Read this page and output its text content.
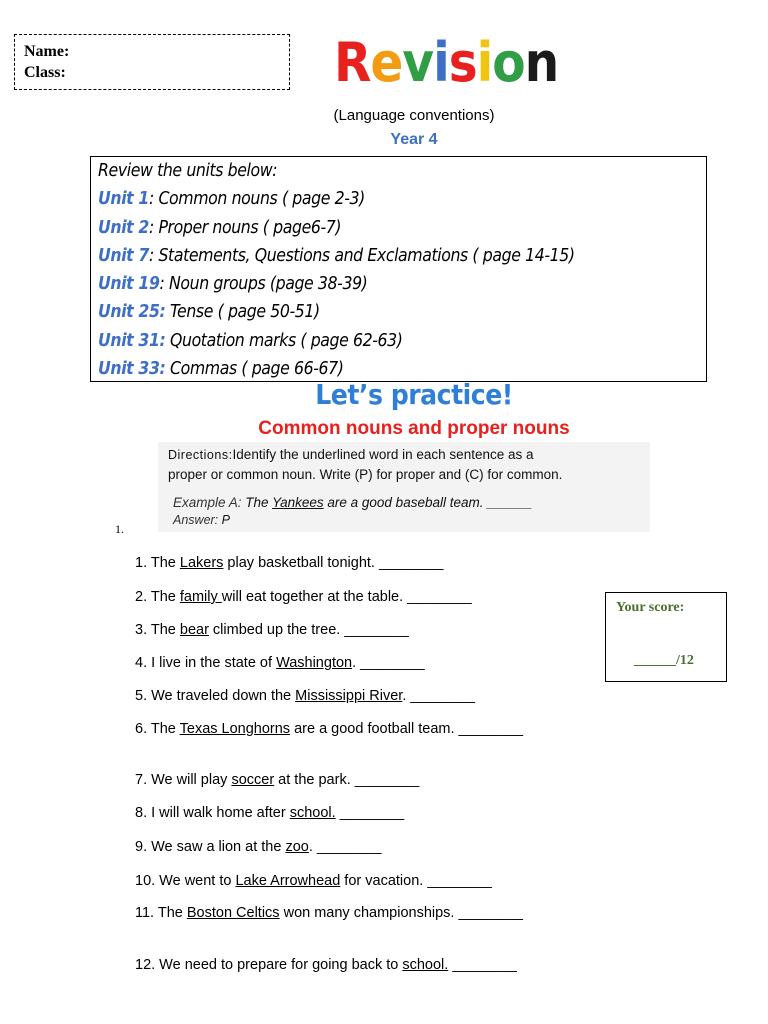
Name:
Class:	Revision
(Language conventions)
Year 4
Review the units below:
Unit 1: Common nouns ( page 2-3)
Unit 2: Proper nouns ( page6-7)
Unit 7: Statements, Questions and Exclamations ( page 14-15)
Unit 19: Noun groups (page 38-39)
Unit 25: Tense ( page 50-51)
Unit 31: Quotation marks ( page 62-63)
Unit 33: Commas ( page 66-67)
Let’s practice!
Common nouns and proper nouns
Directions:Identify the underlined word in each sentence as a
proper or common noun. Write (P) for proper and (C) for common.
Example A: The Yankees are a good baseball team. ______
Answer: P
1.
1. The Lakers play basketball tonight. ________
2. The family will eat together at the table. ________
3. The bear climbed up the tree. ________
4. I live in the state of Washington. ________
5. We traveled down the Mississippi River. ________
6. The Texas Longhorns are a good football team. ________
7. We will play soccer at the park. ________
8. I will walk home after school. ________
9. We saw a lion at the zoo. ________
10. We went to Lake Arrowhead for vacation. ________
11. The Boston Celtics won many championships. ________
12. We need to prepare for going back to school. ________
Your score:
______/12
